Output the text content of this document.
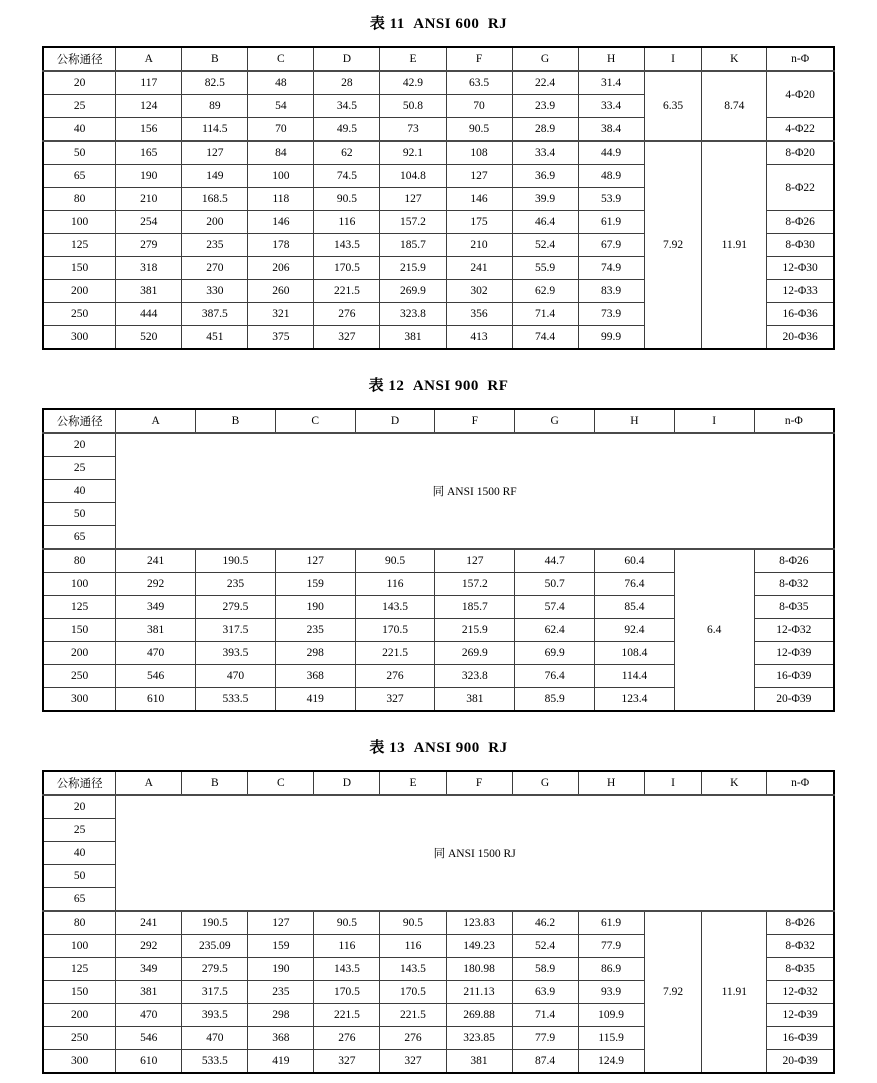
表 11  ANSI 600  RJ
公称通径	A	B	C	D	E	F	G	H	I	K	n-Φ
20	117	82.5	48	28	42.9	63.5	22.4	31.4	6.35	8.74	4-Φ20
25	124	89	54	34.5	50.8	70	23.9	33.4			
40	156	114.5	70	49.5	73	90.5	28.9	38.4			4-Φ22
50	165	127	84	62	92.1	108	33.4	44.9	7.92	11.91	8-Φ20
65	190	149	100	74.5	104.8	127	36.9	48.9			8-Φ22
80	210	168.5	118	90.5	127	146	39.9	53.9			
100	254	200	146	116	157.2	175	46.4	61.9			8-Φ26
125	279	235	178	143.5	185.7	210	52.4	67.9			8-Φ30
150	318	270	206	170.5	215.9	241	55.9	74.9			12-Φ30
200	381	330	260	221.5	269.9	302	62.9	83.9			12-Φ33
250	444	387.5	321	276	323.8	356	71.4	73.9			16-Φ36
300	520	451	375	327	381	413	74.4	99.9			20-Φ36
表 12  ANSI 900  RF
公称通径	A	B	C	D	F	G	H	I	n-Φ
20	同 ANSI 1500 RF								
25									
40									
50									
65									
80	241	190.5	127	90.5	127	44.7	60.4	6.4	8-Φ26
100	292	235	159	116	157.2	50.7	76.4		8-Φ32
125	349	279.5	190	143.5	185.7	57.4	85.4		8-Φ35
150	381	317.5	235	170.5	215.9	62.4	92.4		12-Φ32
200	470	393.5	298	221.5	269.9	69.9	108.4		12-Φ39
250	546	470	368	276	323.8	76.4	114.4		16-Φ39
300	610	533.5	419	327	381	85.9	123.4		20-Φ39
表 13  ANSI 900  RJ
公称通径	A	B	C	D	E	F	G	H	I	K	n-Φ
20	同 ANSI 1500 RJ										
25											
40											
50											
65											
80	241	190.5	127	90.5	90.5	123.83	46.2	61.9	7.92	11.91	8-Φ26
100	292	235.09	159	116	116	149.23	52.4	77.9			8-Φ32
125	349	279.5	190	143.5	143.5	180.98	58.9	86.9			8-Φ35
150	381	317.5	235	170.5	170.5	211.13	63.9	93.9			12-Φ32
200	470	393.5	298	221.5	221.5	269.88	71.4	109.9			12-Φ39
250	546	470	368	276	276	323.85	77.9	115.9			16-Φ39
300	610	533.5	419	327	327	381	87.4	124.9			20-Φ39
